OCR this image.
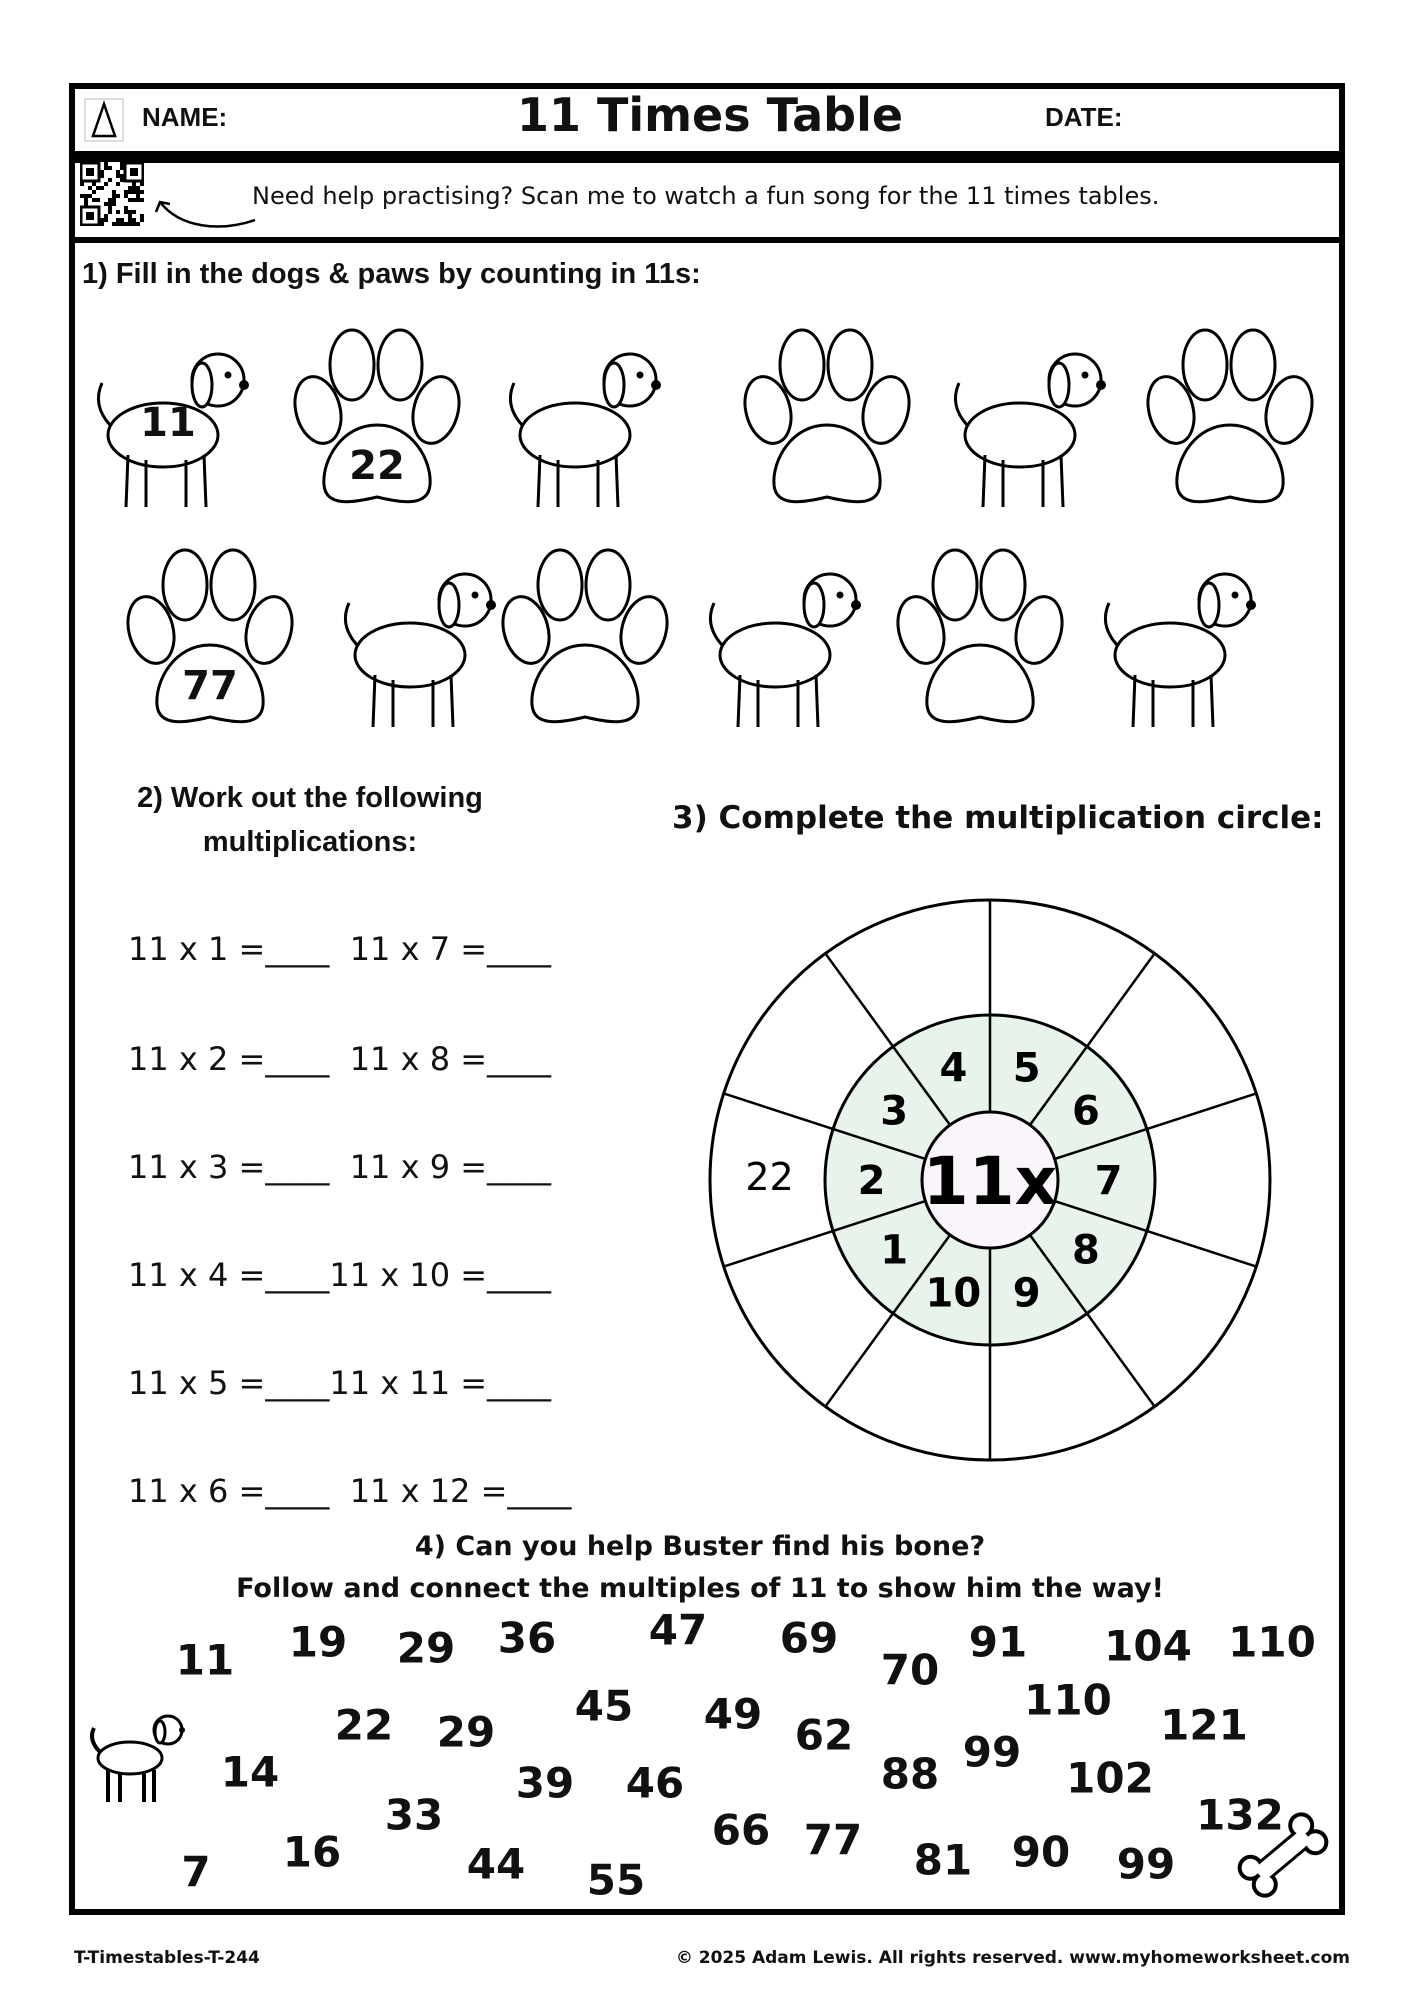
NAME:	11 Times Table	DATE:
Need help practising? Scan me to watch a fun song for the 11 times tables.
1) Fill in the dogs & paws by counting in 11s:
11
22
77
2) Work out the following multiplications:
11 x 1 =____  11 x 7 =____
11 x 2 =____  11 x 8 =____
11 x 3 =____  11 x 9 =____
11 x 4 =____11 x 10 =____
11 x 5 =____11 x 11 =____
11 x 6 =____  11 x 12 =____
3) Complete the multiplication circle:
11x
1
2
22
3
4 5
6
7
8
9
10
4) Can you help Buster find his bone?
Follow and connect the multiples of 11 to show him the way!
11 19 29 36 47 69
70
91 104 110
22 29
45 49 62
110
121
14	39 46	88 99
102
33	66 77
132
7 16	44 55	81 90 99
T-Timestables-T-244	© 2025 Adam Lewis. All rights reserved. www.myhomeworksheet.com
